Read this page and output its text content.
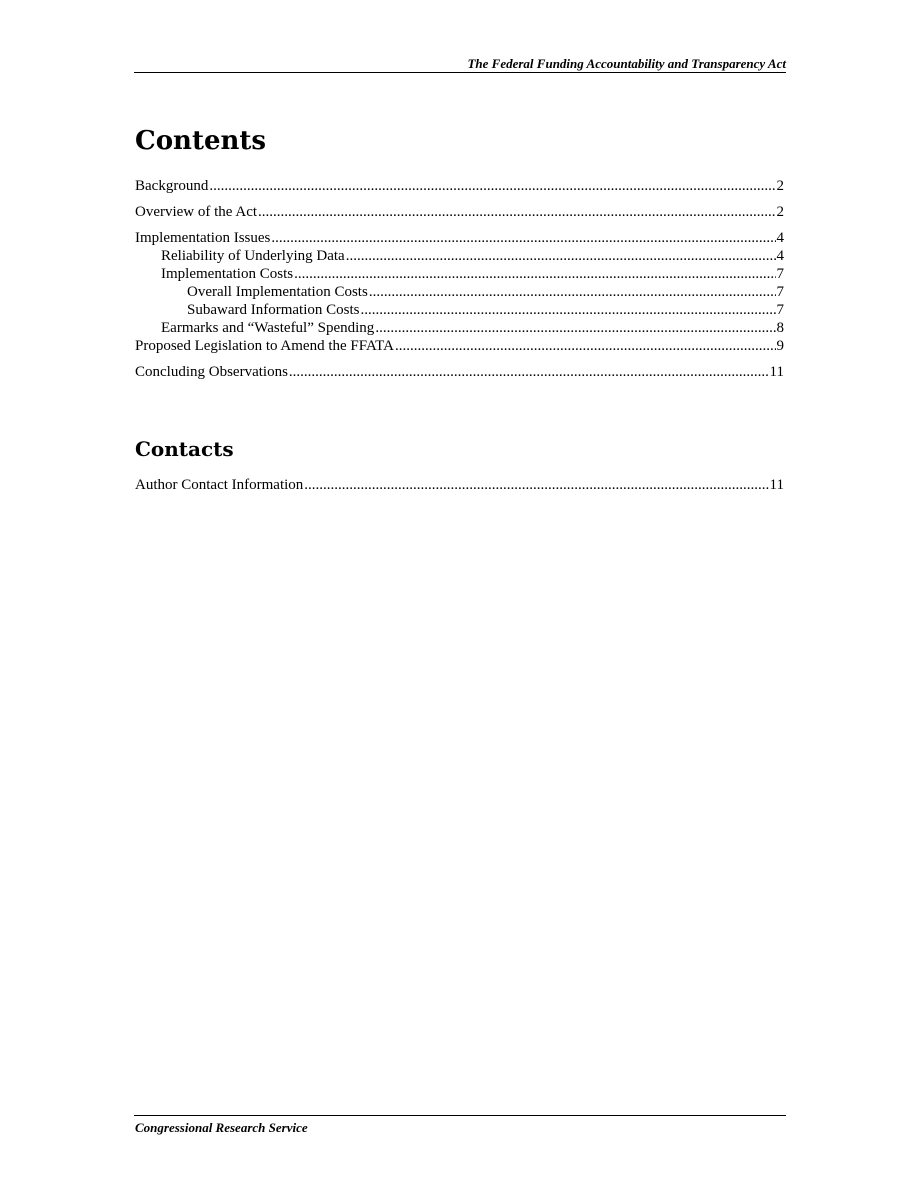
The Federal Funding Accountability and Transparency Act
Contents
Background .....	2
Overview of the Act .....	2
Implementation Issues .....	4
Reliability of Underlying Data .....	4
Implementation Costs .....	7
Overall Implementation Costs .....	7
Subaward Information Costs .....	7
Earmarks and “Wasteful” Spending .....	8
Proposed Legislation to Amend the FFATA .....	9
Concluding Observations .....	11
Contacts
Author Contact Information .....	11
Congressional Research Service
